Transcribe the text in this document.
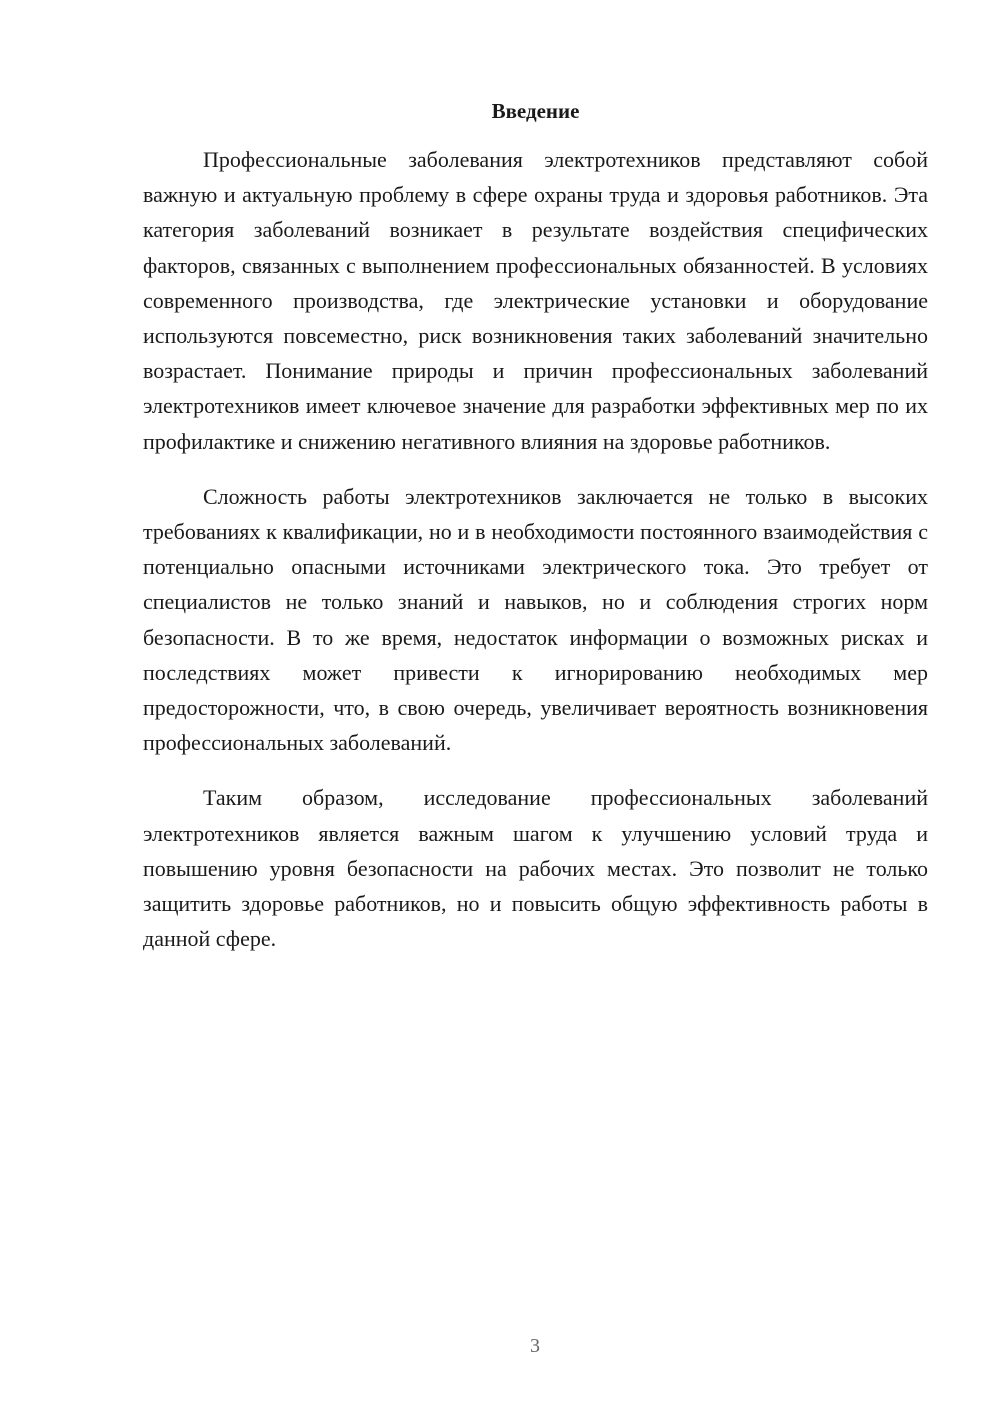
Введение

Профессиональные заболевания электротехников представляют собой важную и актуальную проблему в сфере охраны труда и здоровья работников. Эта категория заболеваний возникает в результате воздействия специфических факторов, связанных с выполнением профессиональных обязанностей. В условиях современного производства, где электрические установки и оборудование используются повсеместно, риск возникновения таких заболеваний значительно возрастает. Понимание природы и причин профессиональных заболеваний электротехников имеет ключевое значение для разработки эффективных мер по их профилактике и снижению негативного влияния на здоровье работников.

Сложность работы электротехников заключается не только в высоких требованиях к квалификации, но и в необходимости постоянного взаимодействия с потенциально опасными источниками электрического тока. Это требует от специалистов не только знаний и навыков, но и соблюдения строгих норм безопасности. В то же время, недостаток информации о возможных рисках и последствиях может привести к игнорированию необходимых мер предосторожности, что, в свою очередь, увеличивает вероятность возникновения профессиональных заболеваний.

Таким образом, исследование профессиональных заболеваний электротехников является важным шагом к улучшению условий труда и повышению уровня безопасности на рабочих местах. Это позволит не только защитить здоровье работников, но и повысить общую эффективность работы в данной сфере.

3
